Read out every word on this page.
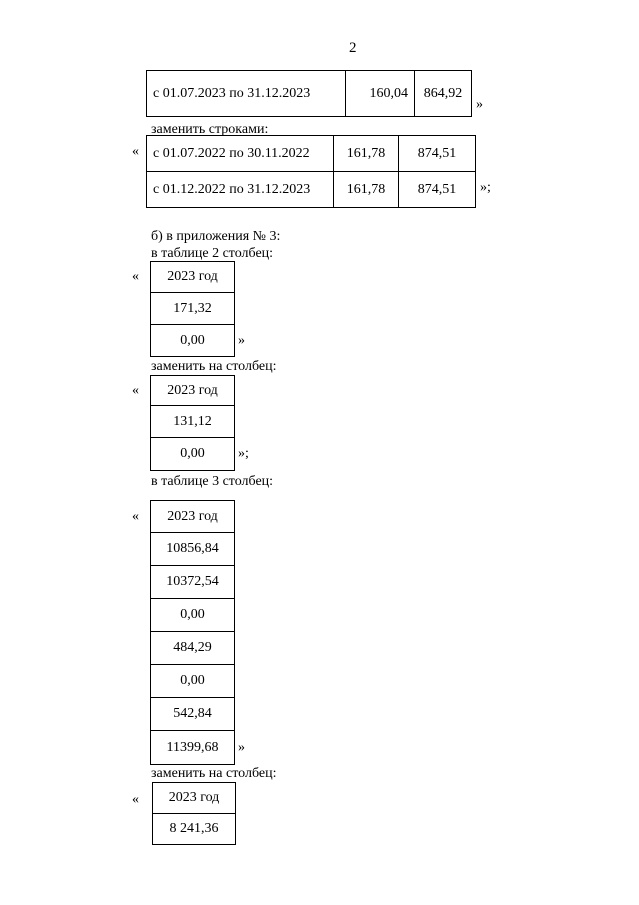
2
с 01.07.2023 по 31.12.2023	160,04	864,92
»
заменить строками:
« с 01.07.2022 по 30.11.2022	161,78	874,51
с 01.12.2022 по 31.12.2023	161,78	874,51 »;
б) в приложения № 3:
в таблице 2 столбец:
« 2023 год
171,32
0,00 »
заменить на столбец:
« 2023 год
131,12
0,00 »;
в таблице 3 столбец:
« 2023 год
10856,84
10372,54
0,00
484,29
0,00
542,84
11399,68 »
заменить на столбец:
« 2023 год
8 241,36
